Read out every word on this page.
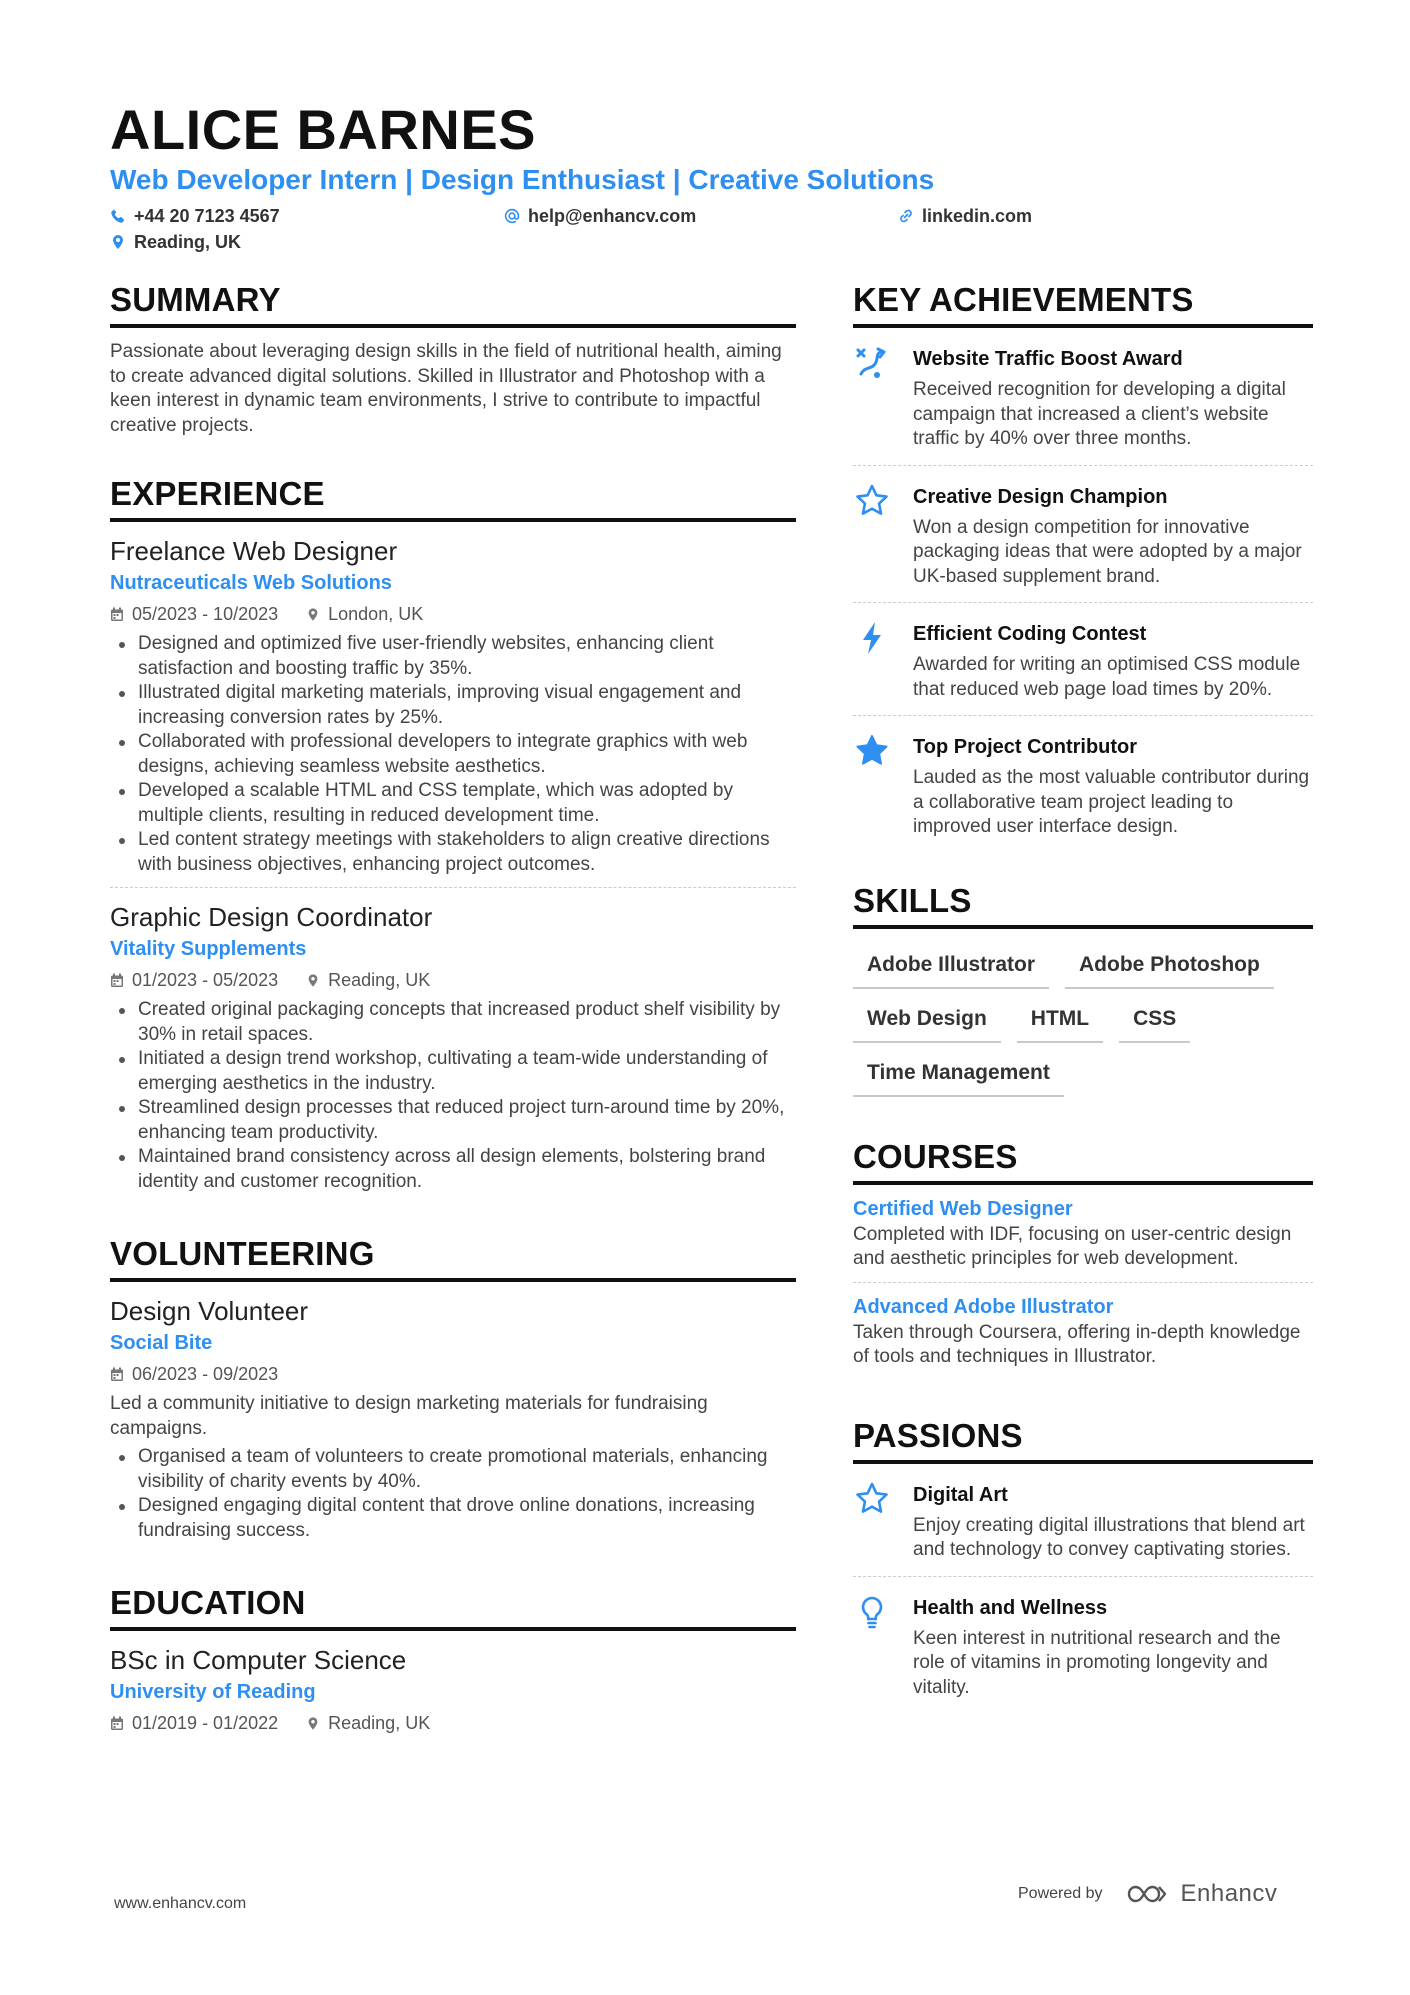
ALICE BARNES
Web Developer Intern | Design Enthusiast | Creative Solutions
+44 20 7123 4567	help@enhancv.com	linkedin.com
Reading, UK
SUMMARY

Passionate about leveraging design skills in the field of nutritional health, aiming to create advanced digital solutions. Skilled in Illustrator and Photoshop with a keen interest in dynamic team environments, I strive to contribute to impactful creative projects.

EXPERIENCE
Freelance Web Designer
Nutraceuticals Web Solutions
05/2023 - 10/2023	London, UK
Designed and optimized five user-friendly websites, enhancing client satisfaction and boosting traffic by 35%.
Illustrated digital marketing materials, improving visual engagement and increasing conversion rates by 25%.
Collaborated with professional developers to integrate graphics with web designs, achieving seamless website aesthetics.
Developed a scalable HTML and CSS template, which was adopted by multiple clients, resulting in reduced development time.
Led content strategy meetings with stakeholders to align creative directions with business objectives, enhancing project outcomes.
Graphic Design Coordinator
Vitality Supplements
01/2023 - 05/2023	Reading, UK
Created original packaging concepts that increased product shelf visibility by 30% in retail spaces.
Initiated a design trend workshop, cultivating a team-wide understanding of emerging aesthetics in the industry.
Streamlined design processes that reduced project turn-around time by 20%, enhancing team productivity.
Maintained brand consistency across all design elements, bolstering brand identity and customer recognition.
VOLUNTEERING
Design Volunteer
Social Bite
06/2023 - 09/2023

Led a community initiative to design marketing materials for fundraising campaigns.

Organised a team of volunteers to create promotional materials, enhancing visibility of charity events by 40%.
Designed engaging digital content that drove online donations, increasing fundraising success.
EDUCATION
BSc in Computer Science
University of Reading
01/2019 - 01/2022	Reading, UK
KEY ACHIEVEMENTS
Website Traffic Boost Award
Received recognition for developing a digital campaign that increased a client’s website traffic by 40% over three months.
Creative Design Champion
Won a design competition for innovative packaging ideas that were adopted by a major UK-based supplement brand.
Efficient Coding Contest
Awarded for writing an optimised CSS module that reduced web page load times by 20%.
Top Project Contributor
Lauded as the most valuable contributor during a collaborative team project leading to improved user interface design.
SKILLS
Adobe Illustrator	Adobe Photoshop
Web Design	HTML	CSS
Time Management
COURSES
Certified Web Designer
Completed with IDF, focusing on user-centric design and aesthetic principles for web development.
Advanced Adobe Illustrator
Taken through Coursera, offering in-depth knowledge of tools and techniques in Illustrator.
PASSIONS
Digital Art
Enjoy creating digital illustrations that blend art and technology to convey captivating stories.
Health and Wellness
Keen interest in nutritional research and the role of vitamins in promoting longevity and vitality.
www.enhancv.com
Powered by	Enhancv
